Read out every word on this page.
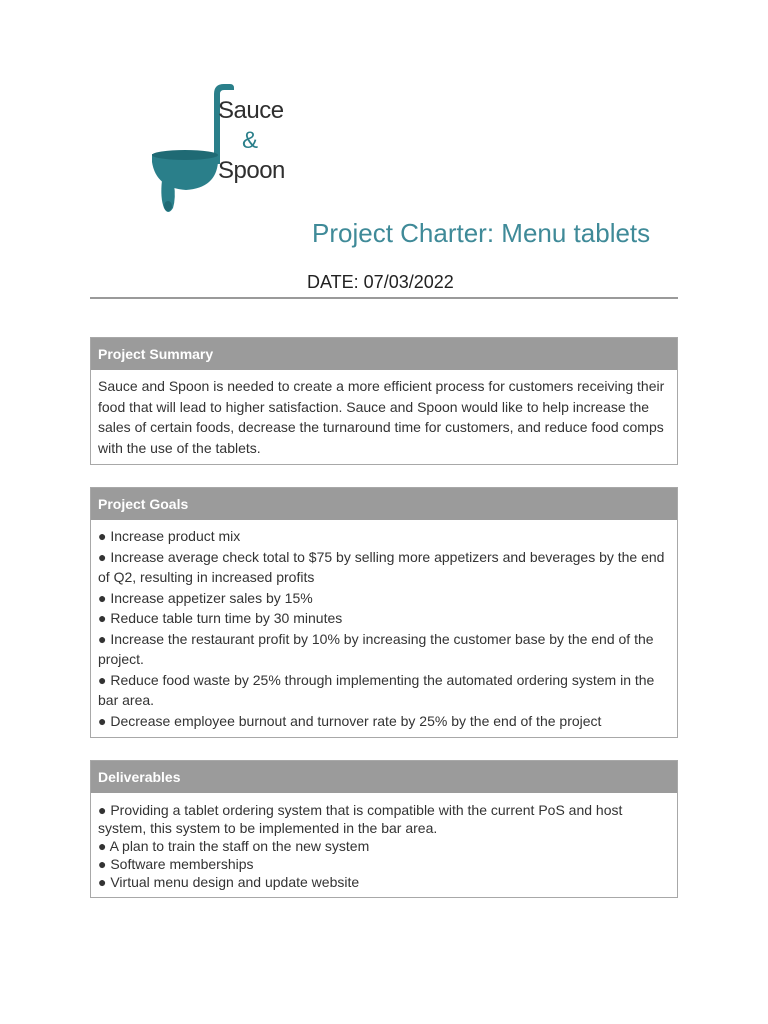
Sauce
&
Spoon
Project Charter: Menu tablets
DATE: 07/03/2022
Project Summary

Sauce and Spoon is needed to create a more efficient process for customers receiving their food that will lead to higher satisfaction. Sauce and Spoon would like to help increase the sales of certain foods, decrease the turnaround time for customers, and reduce food comps with the use of the tablets.

Project Goals

● Increase product mix

● Increase average check total to $75 by selling more appetizers and beverages by the end of Q2, resulting in increased profits

● Increase appetizer sales by 15%

● Reduce table turn time by 30 minutes

● Increase the restaurant profit by 10% by increasing the customer base by the end of the project.

● Reduce food waste by 25% through implementing the automated ordering system in the bar area.

● Decrease employee burnout and turnover rate by 25% by the end of the project

Deliverables

● Providing a tablet ordering system that is compatible with the current PoS and host system, this system to be implemented in the bar area.

● A plan to train the staff on the new system

● Software memberships

● Virtual menu design and update website
